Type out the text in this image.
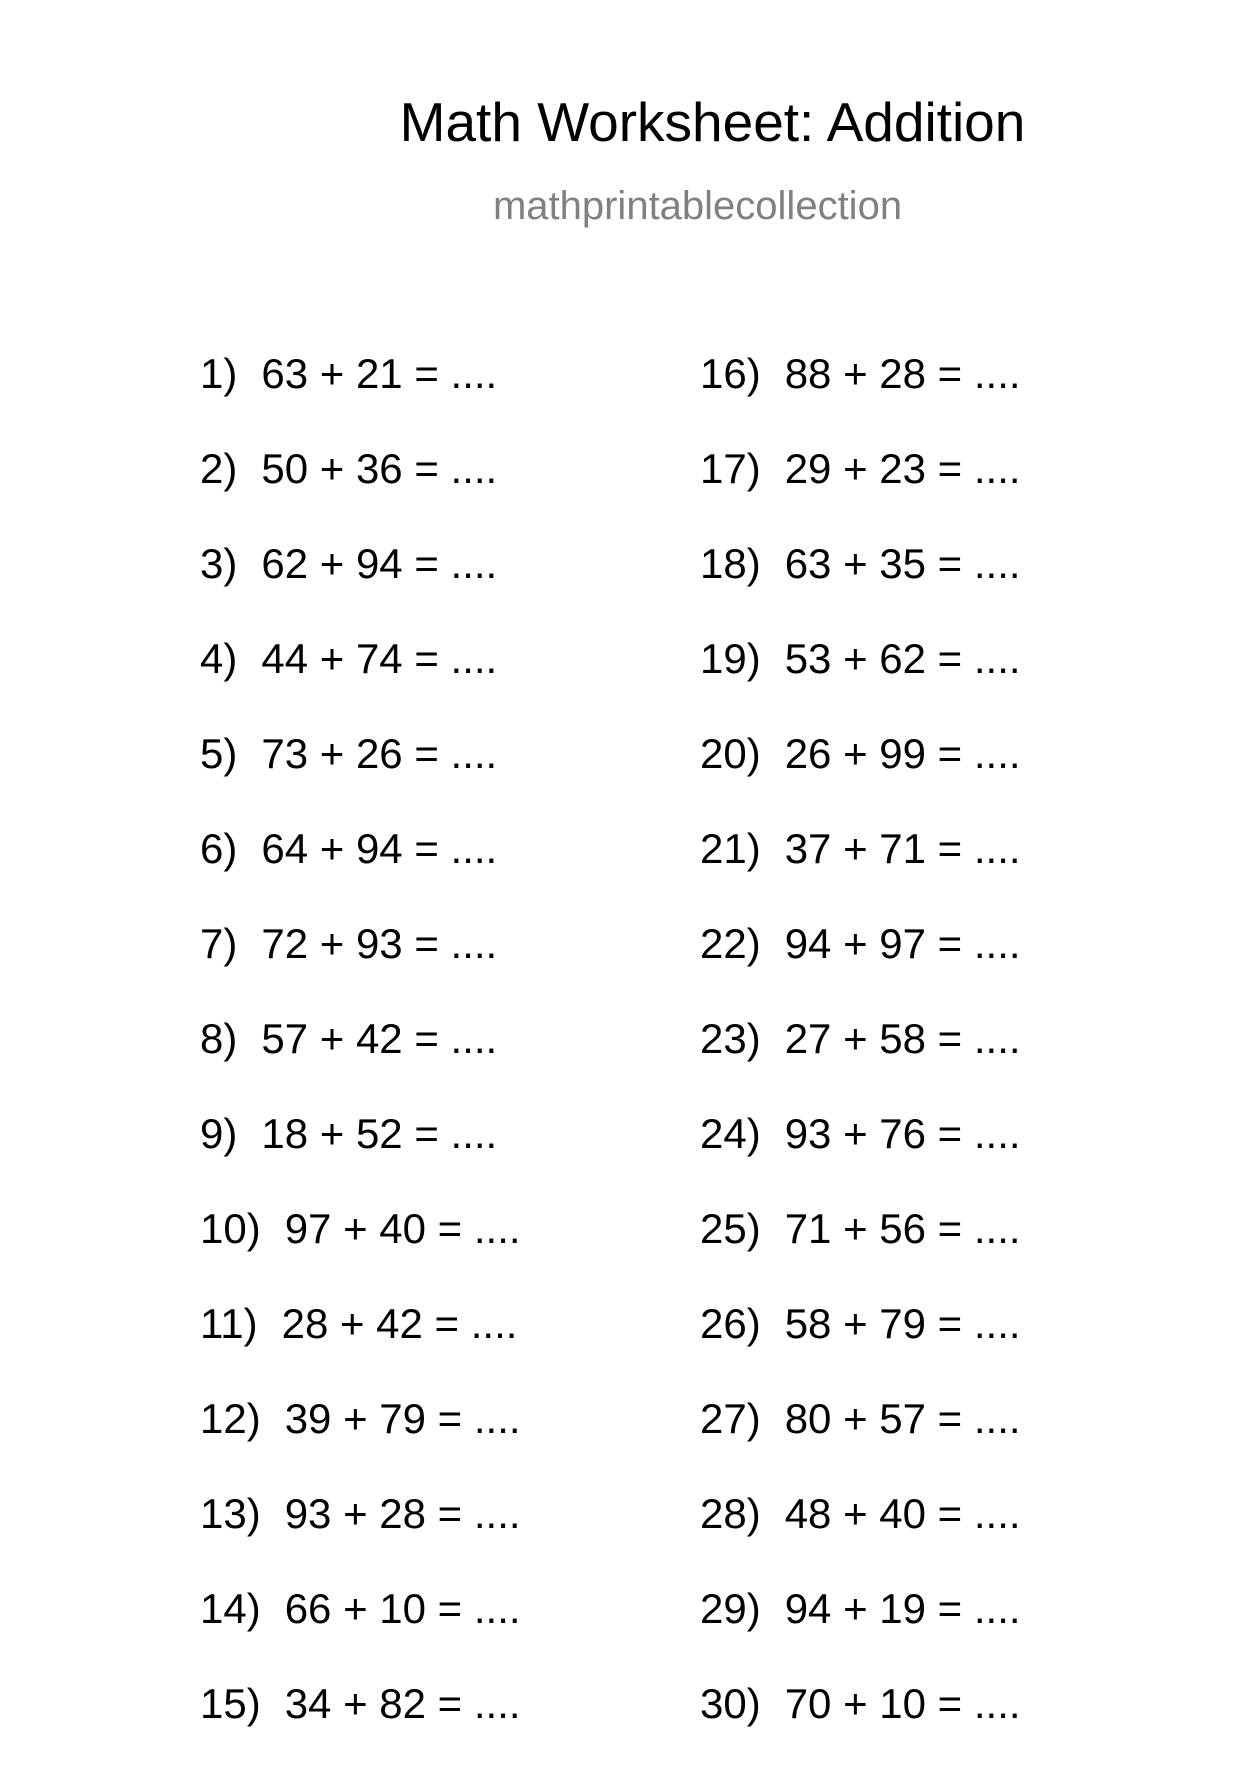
Math Worksheet: Addition
mathprintablecollection
1) 63 + 21 = ....
2) 50 + 36 = ....
3) 62 + 94 = ....
4) 44 + 74 = ....
5) 73 + 26 = ....
6) 64 + 94 = ....
7) 72 + 93 = ....
8) 57 + 42 = ....
9) 18 + 52 = ....
10) 97 + 40 = ....
11) 28 + 42 = ....
12) 39 + 79 = ....
13) 93 + 28 = ....
14) 66 + 10 = ....
15) 34 + 82 = ....
16) 88 + 28 = ....
17) 29 + 23 = ....
18) 63 + 35 = ....
19) 53 + 62 = ....
20) 26 + 99 = ....
21) 37 + 71 = ....
22) 94 + 97 = ....
23) 27 + 58 = ....
24) 93 + 76 = ....
25) 71 + 56 = ....
26) 58 + 79 = ....
27) 80 + 57 = ....
28) 48 + 40 = ....
29) 94 + 19 = ....
30) 70 + 10 = ....
